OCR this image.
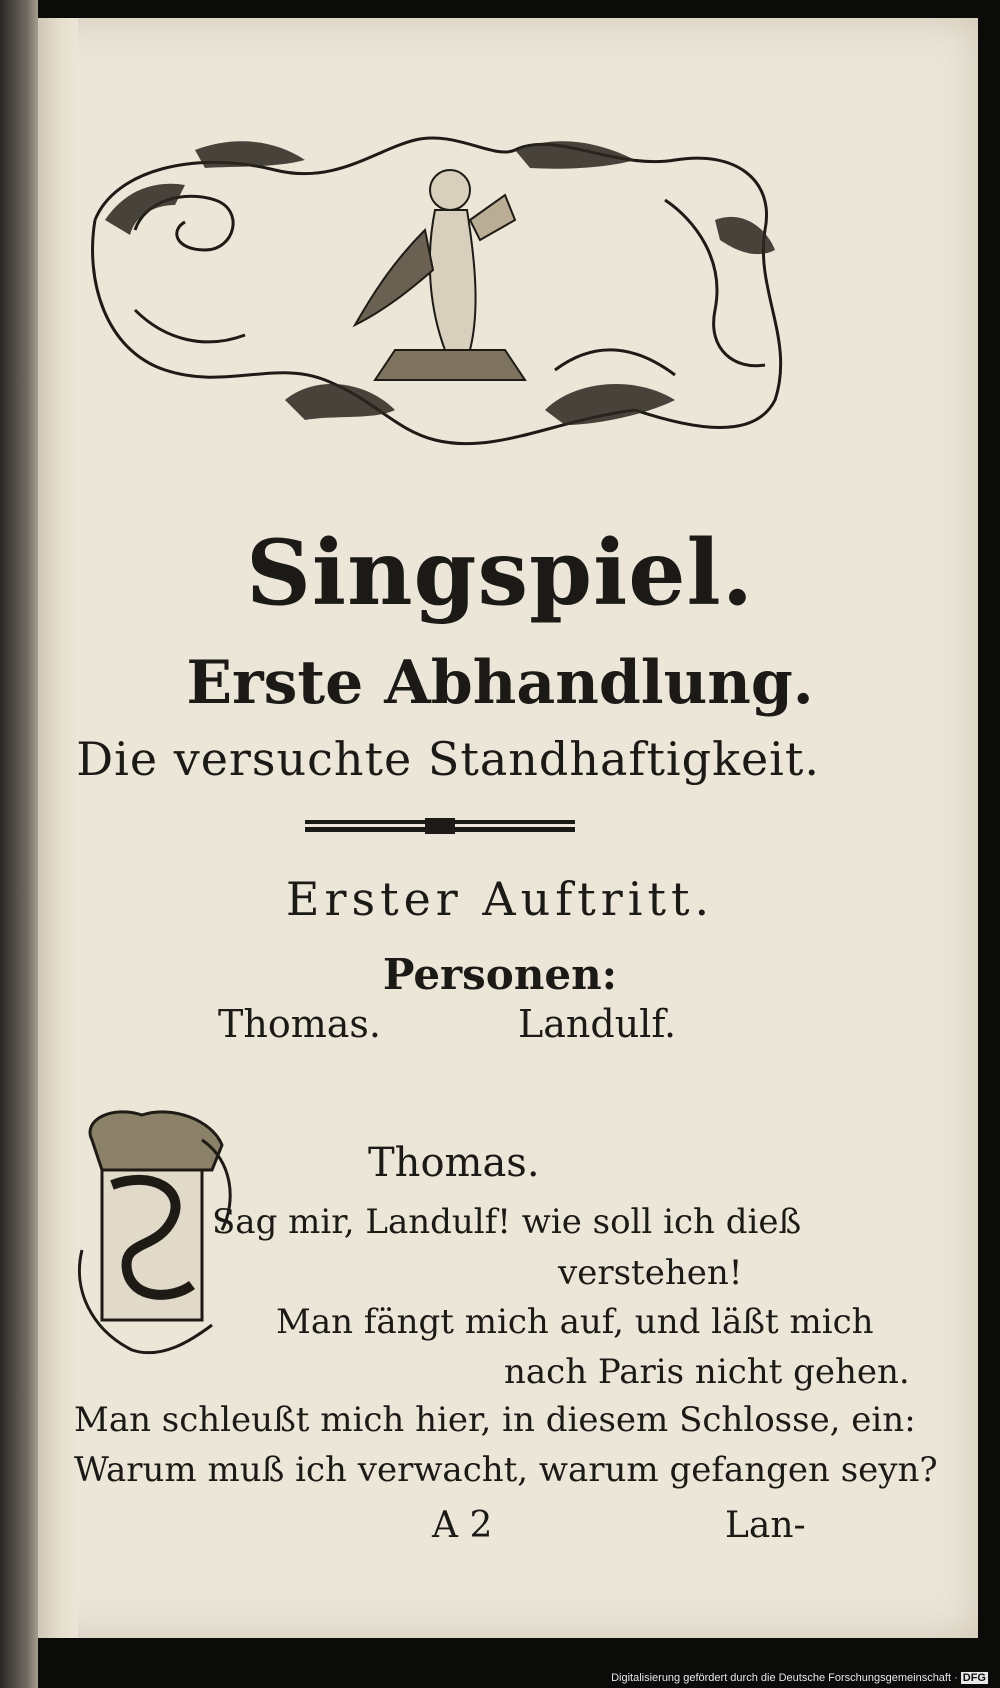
Singspiel.
Erste Abhandlung.
Die versuchte Standhaftigkeit.
Erster Auftritt.
Personen:
Thomas.	Landulf.
Thomas.
Sag mir, Landulf! wie soll ich dieß
verstehen!
Man fängt mich auf, und läßt mich
nach Paris nicht gehen.
Man schleußt mich hier, in diesem Schlosse, ein:
Warum muß ich verwacht, warum gefangen seyn?
A 2	Lan-
Digitalisierung gefördert durch die Deutsche Forschungsgemeinschaft · DFG
